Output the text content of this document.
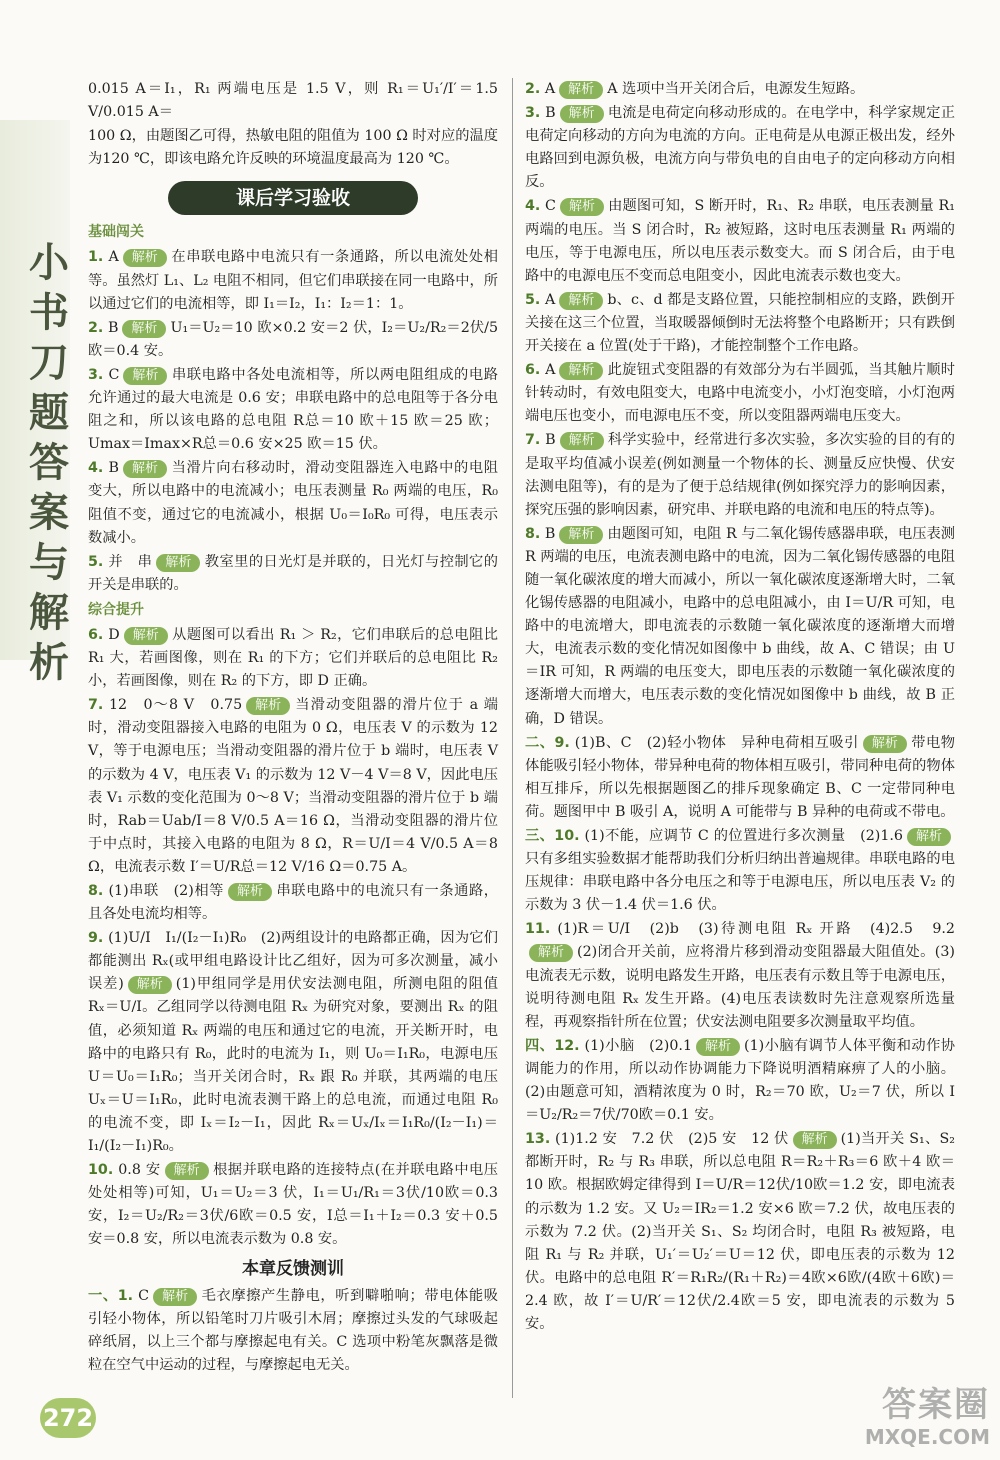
小
书
刀
题
答
案
与
解
析

0.015 A＝I₁，R₁ 两端电压是 1.5 V，则 R₁＝U₁′/I′＝1.5 V/0.015 A＝

100 Ω，由题图乙可得，热敏电阻的阻值为 100 Ω 时对应的温度为120 ℃，即该电路允许反映的环境温度最高为 120 ℃。

课后学习验收
基础闯关

1. A 解析 在串联电路中电流只有一条通路，所以电流处处相等。虽然灯 L₁、L₂ 电阻不相同，但它们串联接在同一电路中，所以通过它们的电流相等，即 I₁＝I₂，I₁：I₂＝1：1。

2. B 解析 U₁＝U₂＝10 欧×0.2 安＝2 伏，I₂＝U₂/R₂＝2伏/5欧＝0.4 安。

3. C 解析 串联电路中各处电流相等，所以两电阻组成的电路允许通过的最大电流是 0.6 安；串联电路中的总电阻等于各分电阻之和，所以该电路的总电阻 R总＝10 欧＋15 欧＝25 欧；Umax＝Imax×R总＝0.6 安×25 欧＝15 伏。

4. B 解析 当滑片向右移动时，滑动变阻器连入电路中的电阻变大，所以电路中的电流减小；电压表测量 R₀ 两端的电压，R₀ 阻值不变，通过它的电流减小，根据 U₀＝I₀R₀ 可得，电压表示数减小。

5. 并　串 解析 教室里的日光灯是并联的，日光灯与控制它的开关是串联的。

综合提升

6. D 解析 从题图可以看出 R₁ ＞ R₂，它们串联后的总电阻比 R₁ 大，若画图像，则在 R₁ 的下方；它们并联后的总电阻比 R₂ 小，若画图像，则在 R₂ 的下方，即 D 正确。

7. 12　0～8 V　0.75 解析 当滑动变阻器的滑片位于 a 端时，滑动变阻器接入电路的电阻为 0 Ω，电压表 V 的示数为 12 V，等于电源电压；当滑动变阻器的滑片位于 b 端时，电压表 V 的示数为 4 V，电压表 V₁ 的示数为 12 V－4 V＝8 V，因此电压表 V₁ 示数的变化范围为 0～8 V；当滑动变阻器的滑片位于 b 端时，Rab＝Uab/I＝8 V/0.5 A＝16 Ω，当滑动变阻器的滑片位于中点时，其接入电路的电阻为 8 Ω，R＝U/I＝4 V/0.5 A＝8 Ω，电流表示数 I′＝U/R总＝12 V/16 Ω＝0.75 A。

8. (1)串联　(2)相等 解析 串联电路中的电流只有一条通路，且各处电流均相等。

9. (1)U/I　I₁/(I₂－I₁)R₀　(2)两组设计的电路都正确，因为它们都能测出 Rₓ(或甲组电路设计比乙组好，因为可多次测量，减小误差) 解析 (1)甲组同学是用伏安法测电阻，所测电阻的阻值 Rₓ＝U/I。乙组同学以待测电阻 Rₓ 为研究对象，要测出 Rₓ 的阻值，必须知道 Rₓ 两端的电压和通过它的电流，开关断开时，电路中的电路只有 R₀，此时的电流为 I₁，则 U₀＝I₁R₀，电源电压 U＝U₀＝I₁R₀；当开关闭合时，Rₓ 跟 R₀ 并联，其两端的电压 Uₓ＝U＝I₁R₀，此时电流表测干路上的总电流，而通过电阻 R₀ 的电流不变，即 Iₓ＝I₂－I₁，因此 Rₓ＝Uₓ/Iₓ＝I₁R₀/(I₂－I₁)＝I₁/(I₂－I₁)R₀。

10. 0.8 安 解析 根据并联电路的连接特点(在并联电路中电压处处相等)可知，U₁＝U₂＝3 伏，I₁＝U₁/R₁＝3伏/10欧＝0.3 安，I₂＝U₂/R₂＝3伏/6欧＝0.5 安，I总＝I₁＋I₂＝0.3 安＋0.5 安＝0.8 安，所以电流表示数为 0.8 安。

本章反馈测训

一、1. C 解析 毛衣摩擦产生静电，听到噼啪响；带电体能吸引轻小物体，所以铅笔时刀片吸引木屑；摩擦过头发的气球吸起碎纸屑，以上三个都与摩擦起电有关。C 选项中粉笔灰飘落是微粒在空气中运动的过程，与摩擦起电无关。

2. A 解析 A 选项中当开关闭合后，电源发生短路。

3. B 解析 电流是电荷定向移动形成的。在电学中，科学家规定正电荷定向移动的方向为电流的方向。正电荷是从电源正极出发，经外电路回到电源负极，电流方向与带负电的自由电子的定向移动方向相反。

4. C 解析 由题图可知，S 断开时，R₁、R₂ 串联，电压表测量 R₁ 两端的电压。当 S 闭合时，R₂ 被短路，这时电压表测量 R₁ 两端的电压，等于电源电压，所以电压表示数变大。而 S 闭合后，由于电路中的电源电压不变而总电阻变小，因此电流表示数也变大。

5. A 解析 b、c、d 都是支路位置，只能控制相应的支路，跌倒开关接在这三个位置，当取暖器倾倒时无法将整个电路断开；只有跌倒开关接在 a 位置(处于干路)，才能控制整个工作电路。

6. A 解析 此旋钮式变阻器的有效部分为右半圆弧，当其触片顺时针转动时，有效电阻变大，电路中电流变小，小灯泡变暗，小灯泡两端电压也变小，而电源电压不变，所以变阻器两端电压变大。

7. B 解析 科学实验中，经常进行多次实验，多次实验的目的有的是取平均值减小误差(例如测量一个物体的长、测量反应快慢、伏安法测电阻等)，有的是为了便于总结规律(例如探究浮力的影响因素，探究压强的影响因素，研究串、并联电路的电流和电压的特点等)。

8. B 解析 由题图可知，电阻 R 与二氧化锡传感器串联，电压表测 R 两端的电压，电流表测电路中的电流，因为二氧化锡传感器的电阻随一氧化碳浓度的增大而减小，所以一氧化碳浓度逐渐增大时，二氧化锡传感器的电阻减小，电路中的总电阻减小，由 I＝U/R 可知，电路中的电流增大，即电流表的示数随一氧化碳浓度的逐渐增大而增大，电流表示数的变化情况如图像中 b 曲线，故 A、C 错误；由 U＝IR 可知，R 两端的电压变大，即电压表的示数随一氧化碳浓度的逐渐增大而增大，电压表示数的变化情况如图像中 b 曲线，故 B 正确，D 错误。

二、9. (1)B、C　(2)轻小物体　异种电荷相互吸引 解析 带电物体能吸引轻小物体，带异种电荷的物体相互吸引，带同种电荷的物体相互排斥，所以先根据题图乙的排斥现象确定 B、C 一定带同种电荷。题图甲中 B 吸引 A，说明 A 可能带与 B 异种的电荷或不带电。

三、10. (1)不能，应调节 C 的位置进行多次测量　(2)1.6 解析只有多组实验数据才能帮助我们分析归纳出普遍规律。串联电路的电压规律：串联电路中各分电压之和等于电源电压，所以电压表 V₂ 的示数为 3 伏－1.4 伏＝1.6 伏。

11. (1)R＝U/I　(2)b　(3)待测电阻 Rₓ 开路　(4)2.5　9.2解析 (2)闭合开关前，应将滑片移到滑动变阻器最大阻值处。(3)电流表无示数，说明电路发生开路，电压表有示数且等于电源电压，说明待测电阻 Rₓ 发生开路。(4)电压表读数时先注意观察所选量程，再观察指针所在位置；伏安法测电阻要多次测量取平均值。

四、12. (1)小脑　(2)0.1 解析 (1)小脑有调节人体平衡和动作协调能力的作用，所以动作协调能力下降说明酒精麻痹了人的小脑。(2)由题意可知，酒精浓度为 0 时，R₂＝70 欧，U₂＝7 伏，所以 I＝U₂/R₂＝7伏/70欧＝0.1 安。

13. (1)1.2 安　7.2 伏　(2)5 安　12 伏 解析 (1)当开关 S₁、S₂ 都断开时，R₂ 与 R₃ 串联，所以总电阻 R＝R₂＋R₃＝6 欧＋4 欧＝10 欧。根据欧姆定律得到 I＝U/R＝12伏/10欧＝1.2 安，即电流表的示数为 1.2 安。又 U₂＝IR₂＝1.2 安×6 欧＝7.2 伏，故电压表的示数为 7.2 伏。(2)当开关 S₁、S₂ 均闭合时，电阻 R₃ 被短路，电阻 R₁ 与 R₂ 并联，U₁′＝U₂′＝U＝12 伏，即电压表的示数为 12 伏。电路中的总电阻 R′＝R₁R₂/(R₁＋R₂)＝4欧×6欧/(4欧＋6欧)＝2.4 欧，故 I′＝U/R′＝12伏/2.4欧＝5 安，即电流表的示数为 5 安。

272	答案圈
MXQE.COM
